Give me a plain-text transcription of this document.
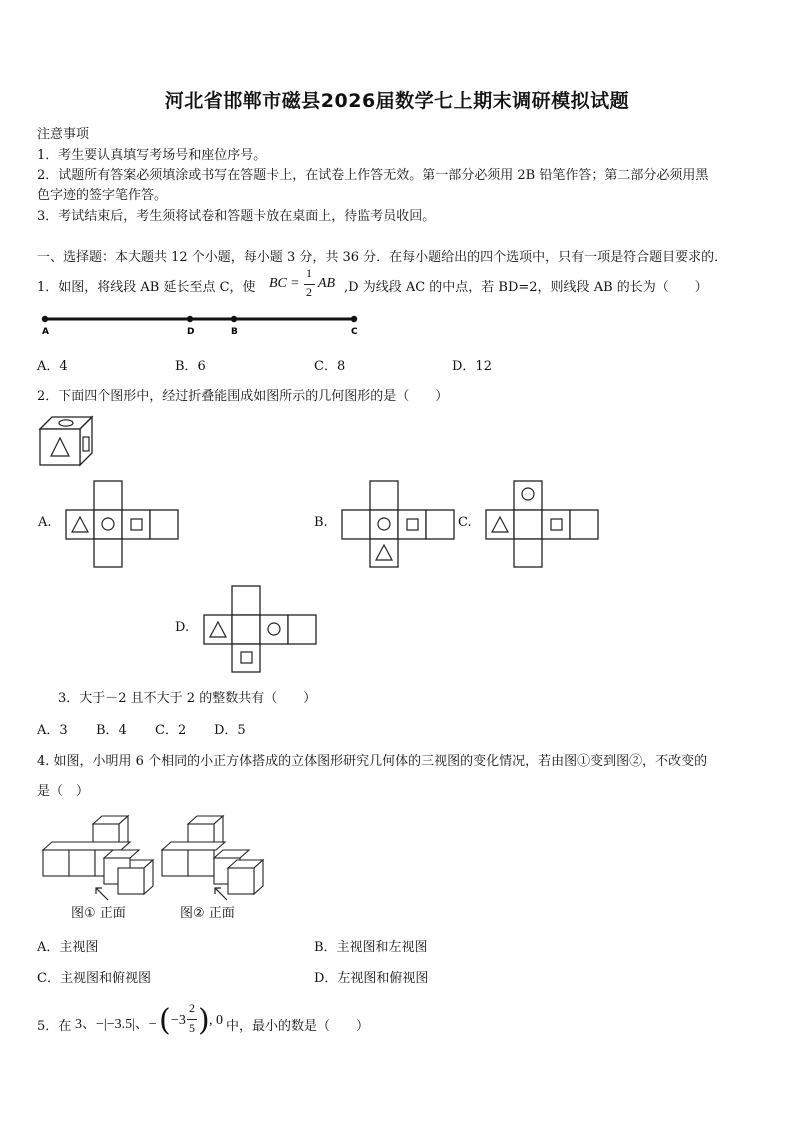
河北省邯郸市磁县2026届数学七上期末调研模拟试题
注意事项
1．考生要认真填写考场号和座位序号。
2．试题所有答案必须填涂或书写在答题卡上，在试卷上作答无效。第一部分必须用 2B 铅笔作答；第二部分必须用黑
色字迹的签字笔作答。
3．考试结束后，考生须将试卷和答题卡放在桌面上，待监考员收回。
一、选择题：本大题共 12 个小题，每小题 3 分，共 36 分．在每小题给出的四个选项中，只有一项是符合题目要求的．
1．如图，将线段 AB 延长至点 C，使 BC =
1
2
AB ,D 为线段 AC 的中点，若 BD=2，则线段 AB 的长为（　　）
A	D	B	C
A．4	B．6	C．8	D．12
2．下面四个图形中，经过折叠能围成如图所示的几何图形的是（　　）
A.	B.	C.
D.
3．大于－2 且不大于 2 的整数共有（　　）
A．3 B．4 C．2 D．5
4. 如图，小明用 6 个相同的小正方体搭成的立体图形研究几何体的三视图的变化情况，若由图①变到图②，不改变的
是（　）
图① 正面	图② 正面
A．主视图	B．主视图和左视图
C．主视图和俯视图	D．左视图和俯视图
5．在 3、−|−3.5|、− ( −3
2
5 ) , 0 中，最小的数是（　　）
